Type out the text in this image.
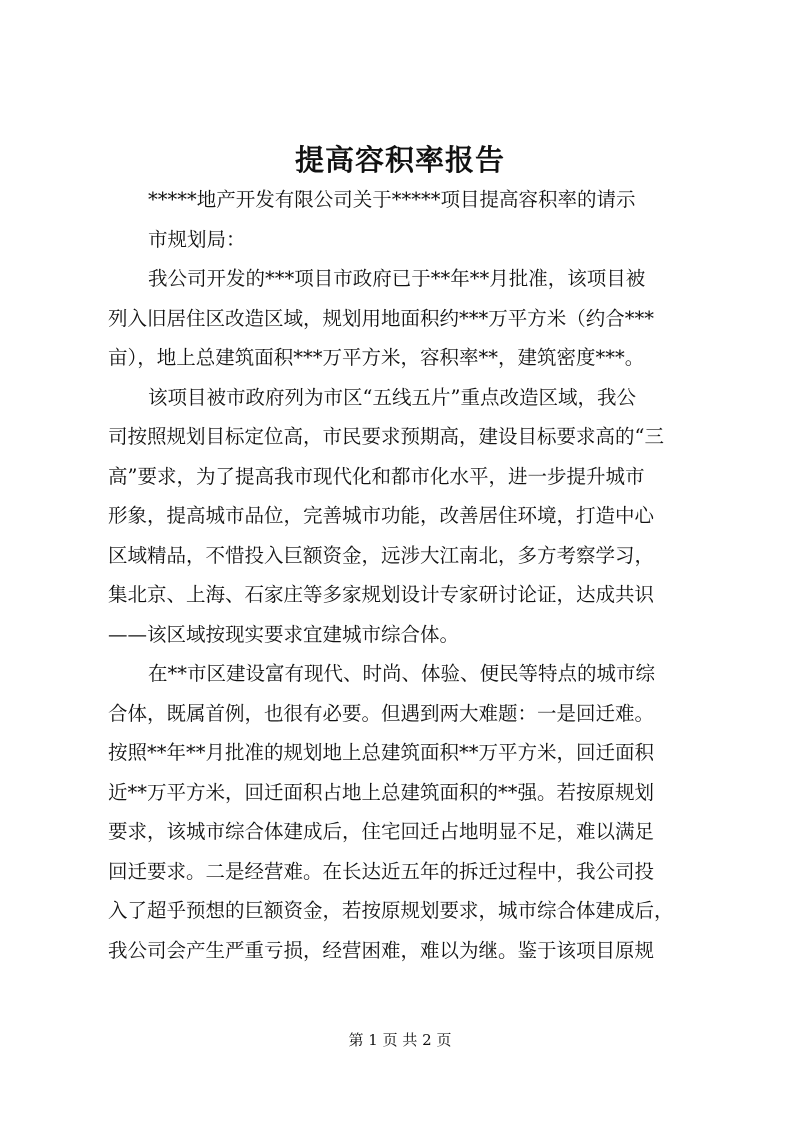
提高容积率报告
*****地产开发有限公司关于*****项目提高容积率的请示
市规划局：
我公司开发的***项目市政府已于**年**月批准，该项目被
列入旧居住区改造区域，规划用地面积约***万平方米（约合***
亩），地上总建筑面积***万平方米，容积率**，建筑密度***。
该项目被市政府列为市区“五线五片”重点改造区域，我公
司按照规划目标定位高，市民要求预期高，建设目标要求高的“三
高”要求，为了提高我市现代化和都市化水平，进一步提升城市
形象，提高城市品位，完善城市功能，改善居住环境，打造中心
区域精品，不惜投入巨额资金，远涉大江南北，多方考察学习，
集北京、上海、石家庄等多家规划设计专家研讨论证，达成共识
——该区域按现实要求宜建城市综合体。
在**市区建设富有现代、时尚、体验、便民等特点的城市综
合体，既属首例，也很有必要。但遇到两大难题：一是回迁难。
按照**年**月批准的规划地上总建筑面积**万平方米，回迁面积
近**万平方米，回迁面积占地上总建筑面积的**强。若按原规划
要求，该城市综合体建成后，住宅回迁占地明显不足，难以满足
回迁要求。二是经营难。在长达近五年的拆迁过程中，我公司投
入了超乎预想的巨额资金，若按原规划要求，城市综合体建成后，
我公司会产生严重亏损，经营困难，难以为继。鉴于该项目原规
第 1 页 共 2 页
